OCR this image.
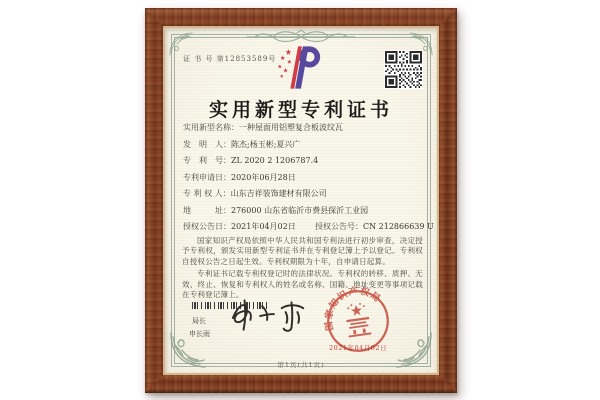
证 书 号 第12853589号
实用新型专利证书
实用新型名称：一种屋面用铝塑复合板波纹瓦
发　明　人：陈杰;杨玉彬;夏兴广
专　利　号：ZL 2020 2 1206787.4
专利申请日：2020年06月28日
专 利 权 人：山东吉祥装饰建材有限公司
地　　　址：276000 山东省临沂市费县探沂工业园
授权公告日：2021年04月02日 授权公告号：CN 212866639 U

国家知识产权局依照中华人民共和国专利法进行初步审查，决定授予专利权，颁发实用新型专利证书并在专利登记簿上予以登记。专利权自授权公告之日起生效。专利权期限为十年，自申请日起算。

专利证书记载专利权登记时的法律状况。专利权的转移、质押、无效、终止、恢复和专利权人的姓名或名称、国籍、地址变更等事项记载在专利登记簿上。

局长
申长雨
国家知识产权局
2021年04月02日
第1页(共1页)
